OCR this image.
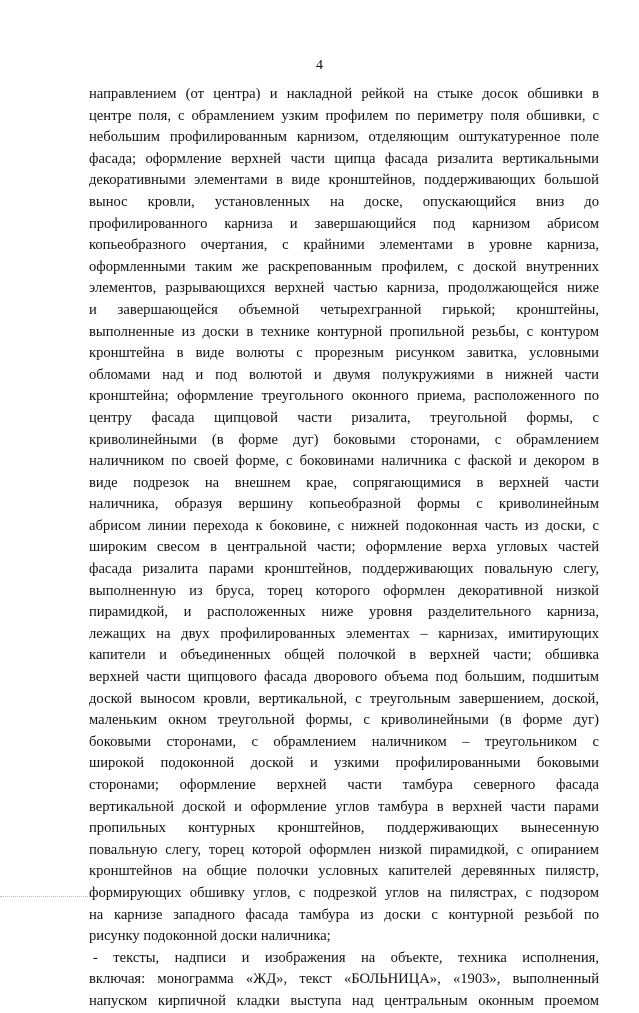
4
направлением (от центра) и накладной рейкой на стыке досок обшивки в
центре поля, с обрамлением узким профилем по периметру поля обшивки, с
небольшим профилированным карнизом, отделяющим оштукатуренное поле
фасада; оформление верхней части щипца фасада ризалита вертикальными
декоративными элементами в виде кронштейнов, поддерживающих большой
вынос кровли, установленных на доске, опускающийся вниз до
профилированного карниза и завершающийся под карнизом абрисом
копьеобразного очертания, с крайними элементами в уровне карниза,
оформленными таким же раскрепованным профилем, с доской внутренних
элементов, разрывающихся верхней частью карниза, продолжающейся ниже
и завершающейся объемной четырехгранной гирькой; кронштейны,
выполненные из доски в технике контурной пропильной резьбы, с контуром
кронштейна в виде волюты с прорезным рисунком завитка, условными
обломами над и под волютой и двумя полукружиями в нижней части
кронштейна; оформление треугольного оконного приема, расположенного по
центру фасада щипцовой части ризалита, треугольной формы, с
криволинейными (в форме дуг) боковыми сторонами, с обрамлением
наличником по своей форме, с боковинами наличника с фаской и декором в
виде подрезок на внешнем крае, сопрягающимися в верхней части
наличника, образуя вершину копьеобразной формы с криволинейным
абрисом линии перехода к боковине, с нижней подоконная часть из доски, с
широким свесом в центральной части; оформление верха угловых частей
фасада ризалита парами кронштейнов, поддерживающих повальную слегу,
выполненную из бруса, торец которого оформлен декоративной низкой
пирамидкой, и расположенных ниже уровня разделительного карниза,
лежащих на двух профилированных элементах – карнизах, имитирующих
капители и объединенных общей полочкой в верхней части; обшивка
верхней части щипцового фасада дворового объема под большим, подшитым
доской выносом кровли, вертикальной, с треугольным завершением, доской,
маленьким окном треугольной формы, с криволинейными (в форме дуг)
боковыми сторонами, с обрамлением наличником – треугольником с
широкой подоконной доской и узкими профилированными боковыми
сторонами; оформление верхней части тамбура северного фасада
вертикальной доской и оформление углов тамбура в верхней части парами
пропильных контурных кронштейнов, поддерживающих вынесенную
повальную слегу, торец которой оформлен низкой пирамидкой, с опиранием
кронштейнов на общие полочки условных капителей деревянных пилястр,
формирующих обшивку углов, с подрезкой углов на пилястрах, с подзором
на карнизе западного фасада тамбура из доски с контурной резьбой по
рисунку подоконной доски наличника;
- тексты, надписи и изображения на объекте, техника исполнения,
включая: монограмма «ЖД», текст «БОЛЬНИЦА», «1903», выполненный
напуском кирпичной кладки выступа над центральным оконным проемом
